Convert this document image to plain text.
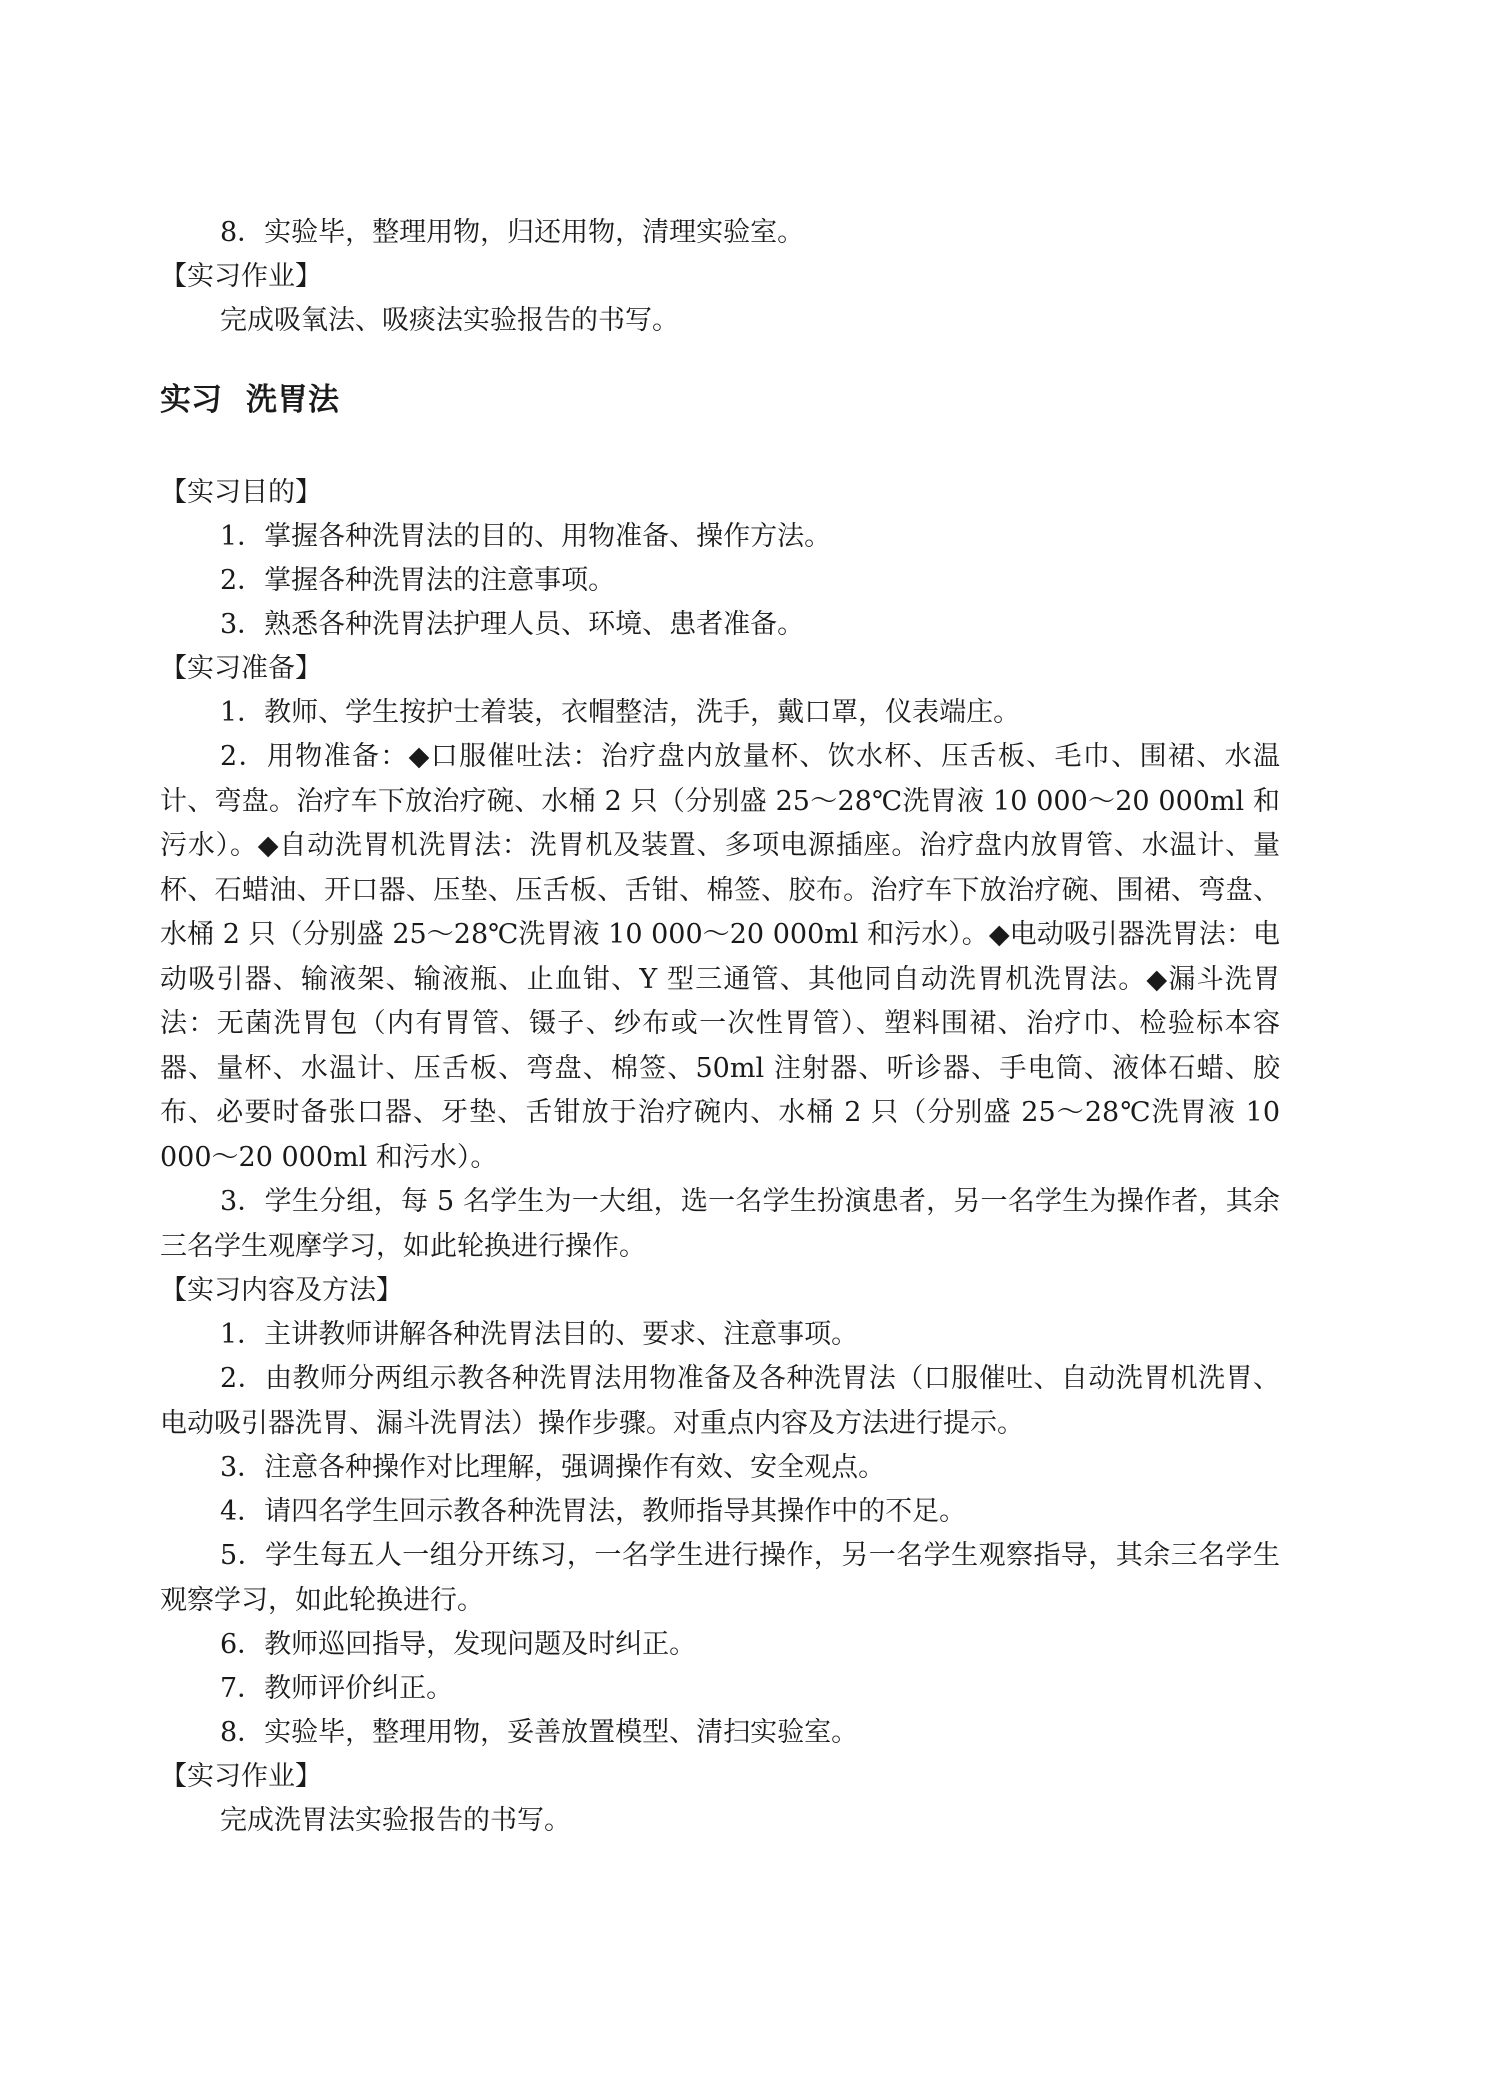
8．实验毕，整理用物，归还用物，清理实验室。
【实习作业】
完成吸氧法、吸痰法实验报告的书写。
实习 洗胃法
【实习目的】
1．掌握各种洗胃法的目的、用物准备、操作方法。
2．掌握各种洗胃法的注意事项。
3．熟悉各种洗胃法护理人员、环境、患者准备。
【实习准备】
1．教师、学生按护士着装，衣帽整洁，洗手，戴口罩，仪表端庄。
2．用物准备：◆口服催吐法：治疗盘内放量杯、饮水杯、压舌板、毛巾、围裙、水温计、弯盘。治疗车下放治疗碗、水桶 2 只（分别盛 25～28℃洗胃液 10 000～20 000ml 和污水）。◆自动洗胃机洗胃法：洗胃机及装置、多项电源插座。治疗盘内放胃管、水温计、量杯、石蜡油、开口器、压垫、压舌板、舌钳、棉签、胶布。治疗车下放治疗碗、围裙、弯盘、水桶 2 只（分别盛 25～28℃洗胃液 10 000～20 000ml 和污水）。◆电动吸引器洗胃法：电动吸引器、输液架、输液瓶、止血钳、Y 型三通管、其他同自动洗胃机洗胃法。◆漏斗洗胃法：无菌洗胃包（内有胃管、镊子、纱布或一次性胃管）、塑料围裙、治疗巾、检验标本容器、量杯、水温计、压舌板、弯盘、棉签、50ml 注射器、听诊器、手电筒、液体石蜡、胶布、必要时备张口器、牙垫、舌钳放于治疗碗内、水桶 2 只（分别盛 25～28℃洗胃液 10 000～20 000ml 和污水）。
3．学生分组，每 5 名学生为一大组，选一名学生扮演患者，另一名学生为操作者，其余三名学生观摩学习，如此轮换进行操作。
【实习内容及方法】
1．主讲教师讲解各种洗胃法目的、要求、注意事项。
2．由教师分两组示教各种洗胃法用物准备及各种洗胃法（口服催吐、自动洗胃机洗胃、电动吸引器洗胃、漏斗洗胃法）操作步骤。对重点内容及方法进行提示。
3．注意各种操作对比理解，强调操作有效、安全观点。
4．请四名学生回示教各种洗胃法，教师指导其操作中的不足。
5．学生每五人一组分开练习，一名学生进行操作，另一名学生观察指导，其余三名学生观察学习，如此轮换进行。
6．教师巡回指导，发现问题及时纠正。
7．教师评价纠正。
8．实验毕，整理用物，妥善放置模型、清扫实验室。
【实习作业】
完成洗胃法实验报告的书写。
